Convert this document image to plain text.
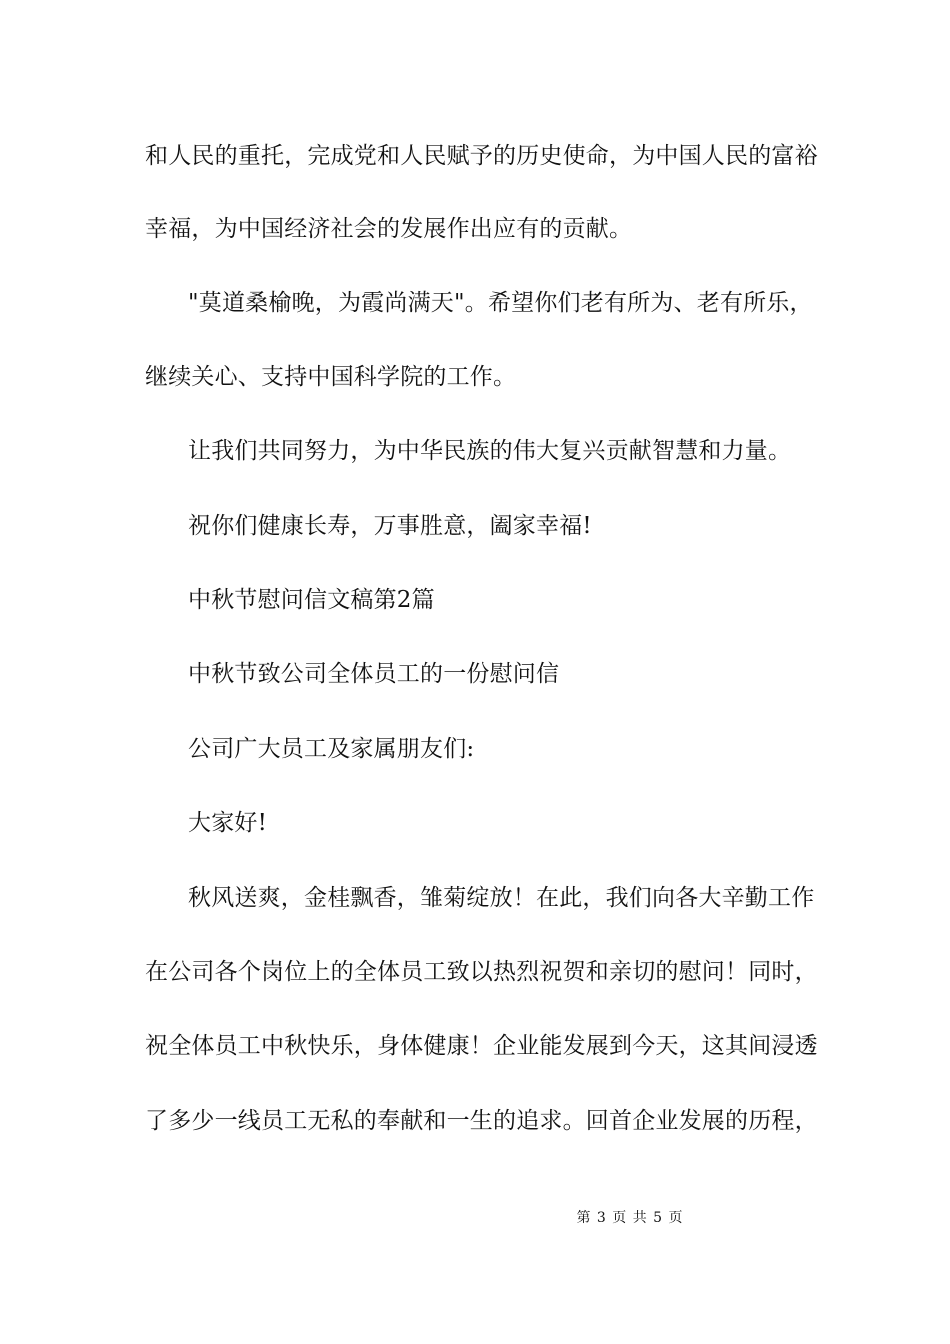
和人民的重托，完成党和人民赋予的历史使命，为中国人民的富裕
幸福，为中国经济社会的发展作出应有的贡献。
"莫道桑榆晚，为霞尚满天"。希望你们老有所为、老有所乐，
继续关心、支持中国科学院的工作。
让我们共同努力，为中华民族的伟大复兴贡献智慧和力量。
祝你们健康长寿，万事胜意，阖家幸福!
中秋节慰问信文稿第2篇
中秋节致公司全体员工的一份慰问信
公司广大员工及家属朋友们:
大家好!
秋风送爽，金桂飘香，雏菊绽放！在此，我们向各大辛勤工作
在公司各个岗位上的全体员工致以热烈祝贺和亲切的慰问！同时，
祝全体员工中秋快乐，身体健康！企业能发展到今天，这其间浸透
了多少一线员工无私的奉献和一生的追求。回首企业发展的历程，
第 3 页 共 5 页
